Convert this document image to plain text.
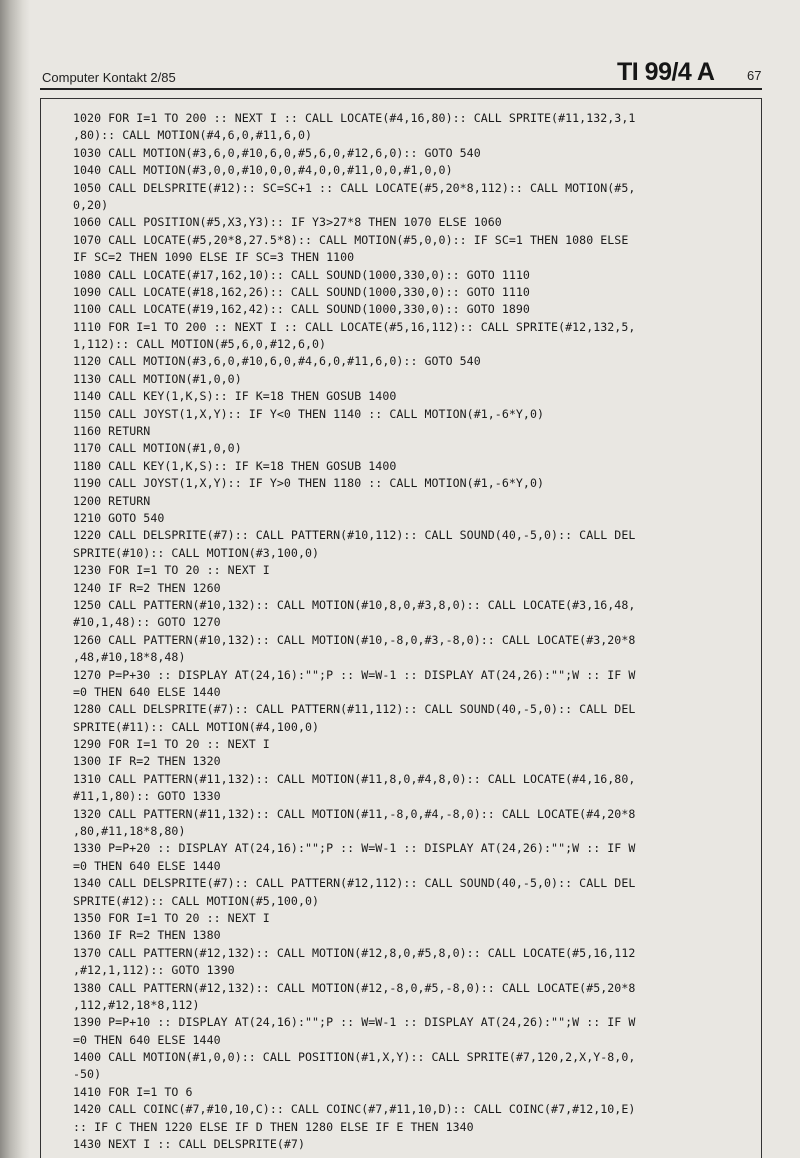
Computer Kontakt 2/85	TI 99/4 A	67
1020 FOR I=1 TO 200 :: NEXT I :: CALL LOCATE(#4,16,80):: CALL SPRITE(#11,132,3,1
,80):: CALL MOTION(#4,6,0,#11,6,0)
1030 CALL MOTION(#3,6,0,#10,6,0,#5,6,0,#12,6,0):: GOTO 540
1040 CALL MOTION(#3,0,0,#10,0,0,#4,0,0,#11,0,0,#1,0,0)
1050 CALL DELSPRITE(#12):: SC=SC+1 :: CALL LOCATE(#5,20*8,112):: CALL MOTION(#5,
0,20)
1060 CALL POSITION(#5,X3,Y3):: IF Y3>27*8 THEN 1070 ELSE 1060
1070 CALL LOCATE(#5,20*8,27.5*8):: CALL MOTION(#5,0,0):: IF SC=1 THEN 1080 ELSE
IF SC=2 THEN 1090 ELSE IF SC=3 THEN 1100
1080 CALL LOCATE(#17,162,10):: CALL SOUND(1000,330,0):: GOTO 1110
1090 CALL LOCATE(#18,162,26):: CALL SOUND(1000,330,0):: GOTO 1110
1100 CALL LOCATE(#19,162,42):: CALL SOUND(1000,330,0):: GOTO 1890
1110 FOR I=1 TO 200 :: NEXT I :: CALL LOCATE(#5,16,112):: CALL SPRITE(#12,132,5,
1,112):: CALL MOTION(#5,6,0,#12,6,0)
1120 CALL MOTION(#3,6,0,#10,6,0,#4,6,0,#11,6,0):: GOTO 540
1130 CALL MOTION(#1,0,0)
1140 CALL KEY(1,K,S):: IF K=18 THEN GOSUB 1400
1150 CALL JOYST(1,X,Y):: IF Y<0 THEN 1140 :: CALL MOTION(#1,-6*Y,0)
1160 RETURN
1170 CALL MOTION(#1,0,0)
1180 CALL KEY(1,K,S):: IF K=18 THEN GOSUB 1400
1190 CALL JOYST(1,X,Y):: IF Y>0 THEN 1180 :: CALL MOTION(#1,-6*Y,0)
1200 RETURN
1210 GOTO 540
1220 CALL DELSPRITE(#7):: CALL PATTERN(#10,112):: CALL SOUND(40,-5,0):: CALL DEL
SPRITE(#10):: CALL MOTION(#3,100,0)
1230 FOR I=1 TO 20 :: NEXT I
1240 IF R=2 THEN 1260
1250 CALL PATTERN(#10,132):: CALL MOTION(#10,8,0,#3,8,0):: CALL LOCATE(#3,16,48,
#10,1,48):: GOTO 1270
1260 CALL PATTERN(#10,132):: CALL MOTION(#10,-8,0,#3,-8,0):: CALL LOCATE(#3,20*8
,48,#10,18*8,48)
1270 P=P+30 :: DISPLAY AT(24,16):"";P :: W=W-1 :: DISPLAY AT(24,26):"";W :: IF W
=0 THEN 640 ELSE 1440
1280 CALL DELSPRITE(#7):: CALL PATTERN(#11,112):: CALL SOUND(40,-5,0):: CALL DEL
SPRITE(#11):: CALL MOTION(#4,100,0)
1290 FOR I=1 TO 20 :: NEXT I
1300 IF R=2 THEN 1320
1310 CALL PATTERN(#11,132):: CALL MOTION(#11,8,0,#4,8,0):: CALL LOCATE(#4,16,80,
#11,1,80):: GOTO 1330
1320 CALL PATTERN(#11,132):: CALL MOTION(#11,-8,0,#4,-8,0):: CALL LOCATE(#4,20*8
,80,#11,18*8,80)
1330 P=P+20 :: DISPLAY AT(24,16):"";P :: W=W-1 :: DISPLAY AT(24,26):"";W :: IF W
=0 THEN 640 ELSE 1440
1340 CALL DELSPRITE(#7):: CALL PATTERN(#12,112):: CALL SOUND(40,-5,0):: CALL DEL
SPRITE(#12):: CALL MOTION(#5,100,0)
1350 FOR I=1 TO 20 :: NEXT I
1360 IF R=2 THEN 1380
1370 CALL PATTERN(#12,132):: CALL MOTION(#12,8,0,#5,8,0):: CALL LOCATE(#5,16,112
,#12,1,112):: GOTO 1390
1380 CALL PATTERN(#12,132):: CALL MOTION(#12,-8,0,#5,-8,0):: CALL LOCATE(#5,20*8
,112,#12,18*8,112)
1390 P=P+10 :: DISPLAY AT(24,16):"";P :: W=W-1 :: DISPLAY AT(24,26):"";W :: IF W
=0 THEN 640 ELSE 1440
1400 CALL MOTION(#1,0,0):: CALL POSITION(#1,X,Y):: CALL SPRITE(#7,120,2,X,Y-8,0,
-50)
1410 FOR I=1 TO 6
1420 CALL COINC(#7,#10,10,C):: CALL COINC(#7,#11,10,D):: CALL COINC(#7,#12,10,E)
:: IF C THEN 1220 ELSE IF D THEN 1280 ELSE IF E THEN 1340
1430 NEXT I :: CALL DELSPRITE(#7)
